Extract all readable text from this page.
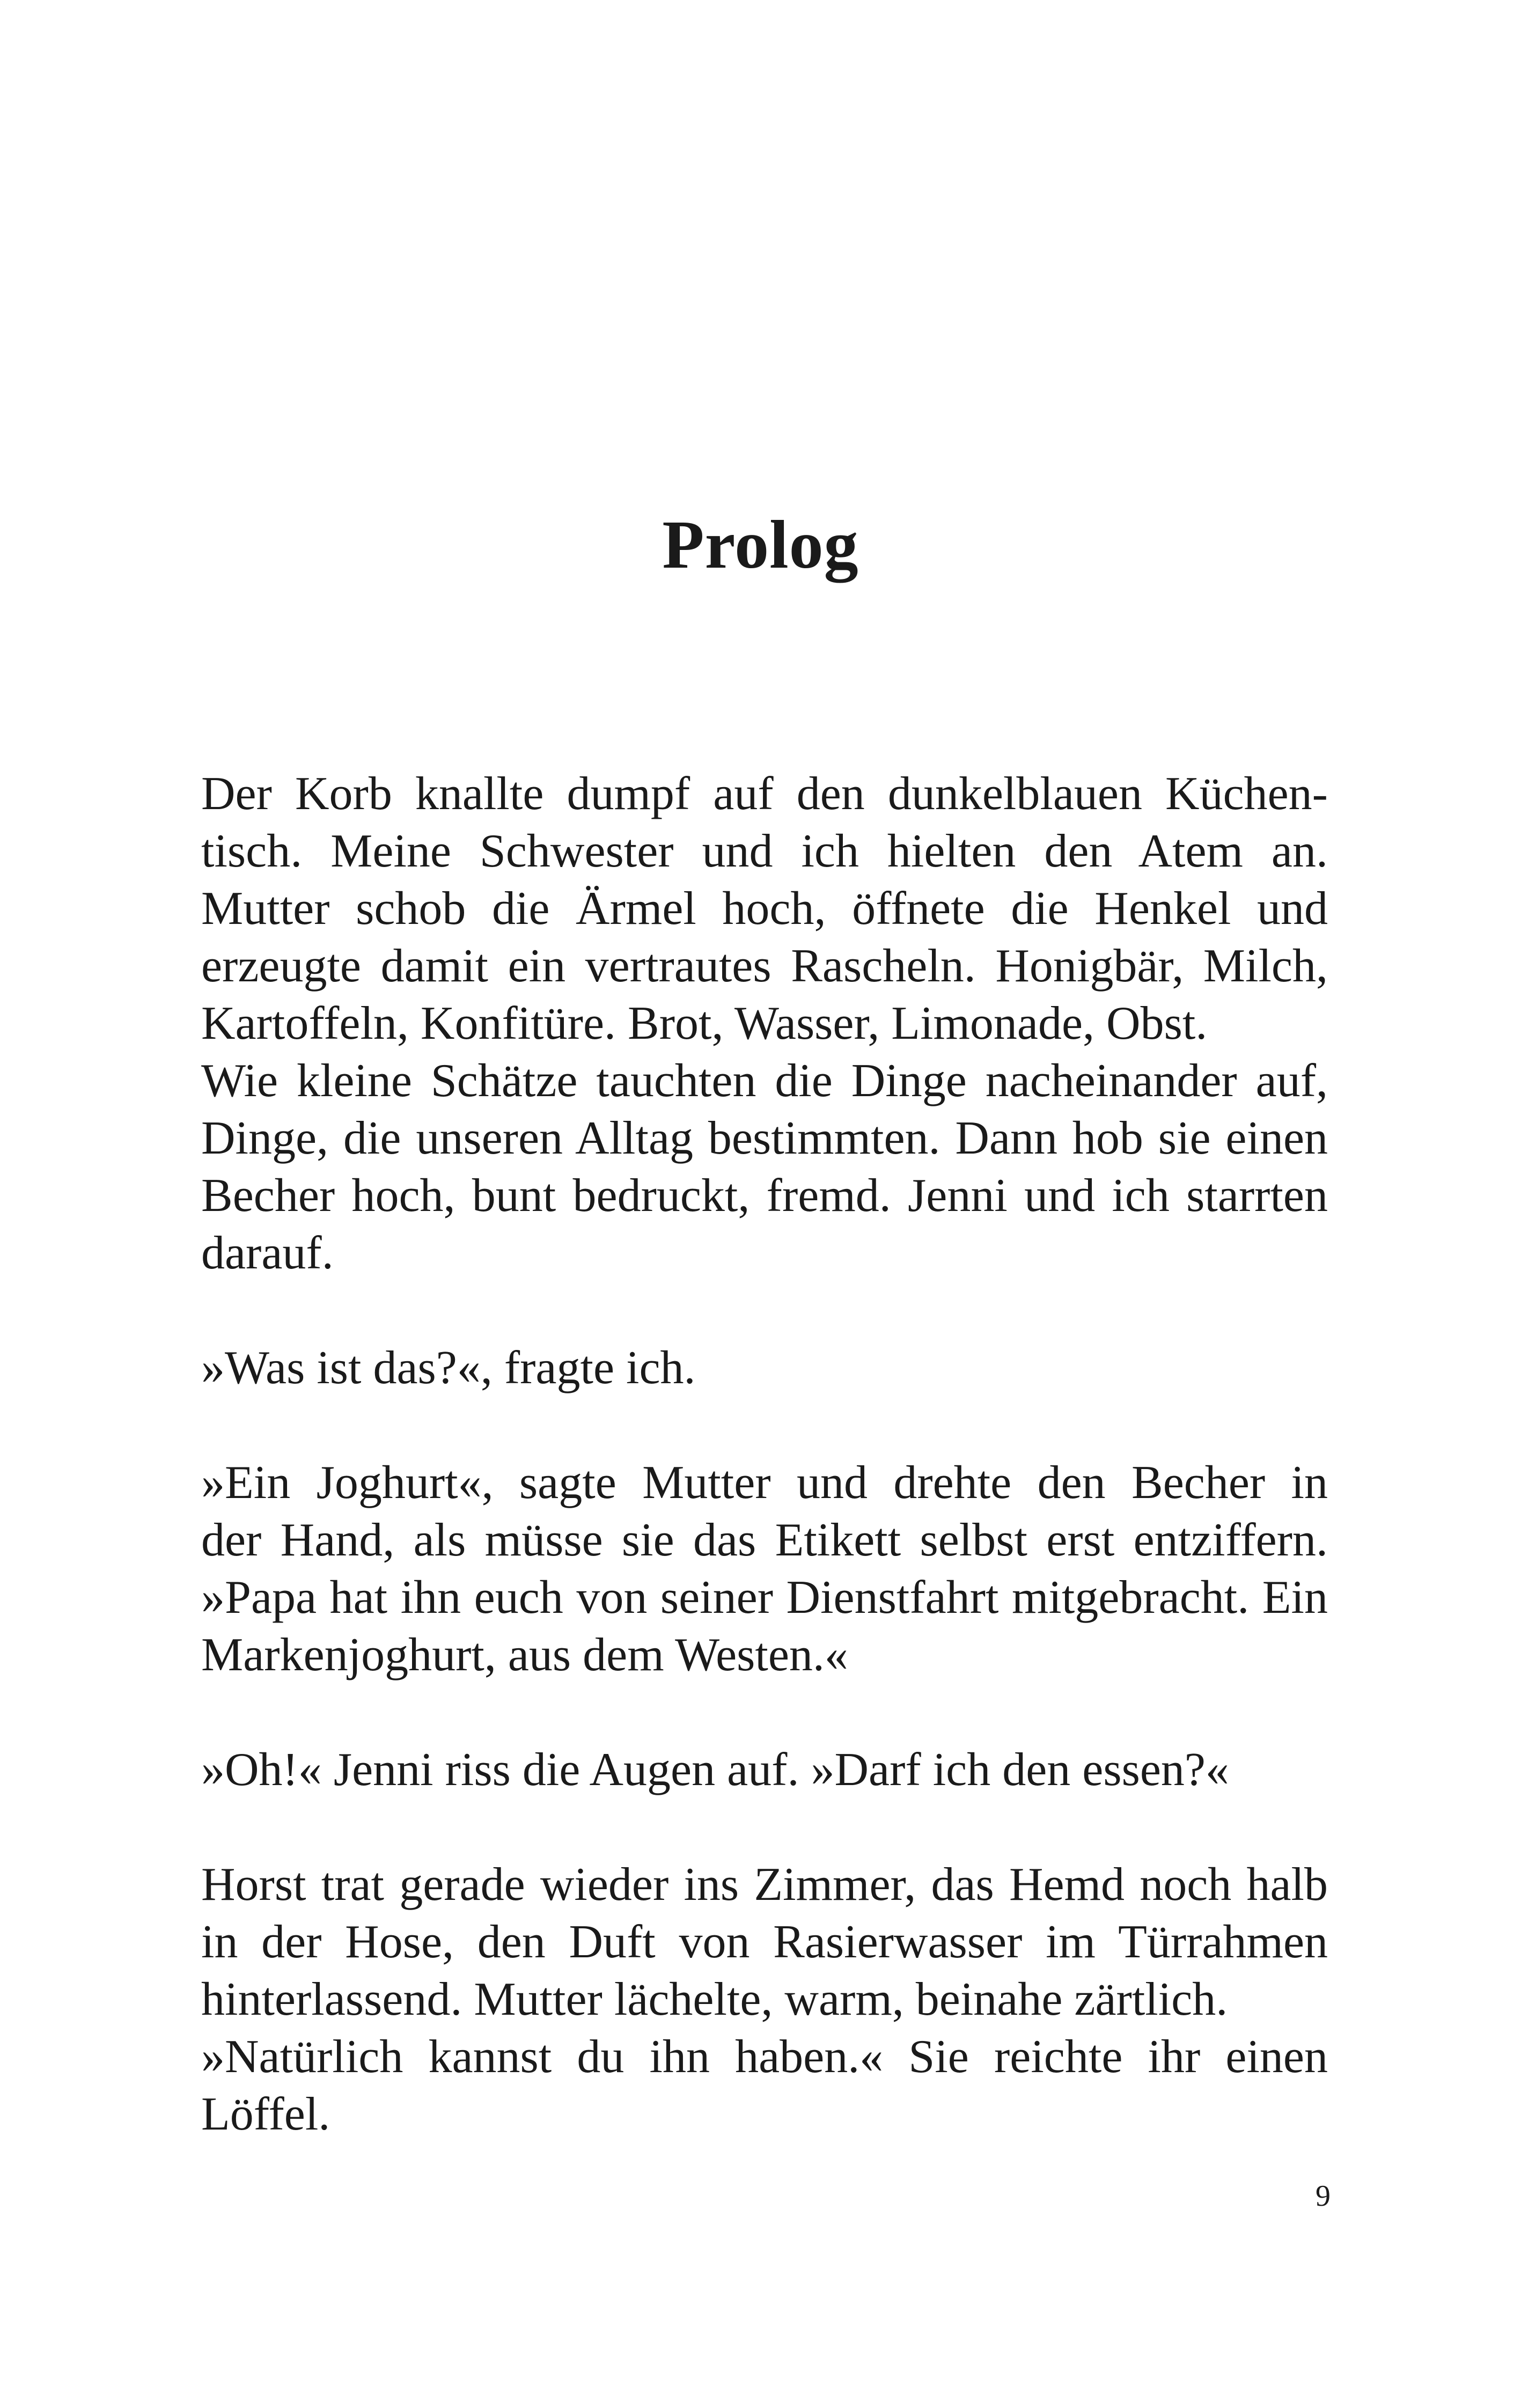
Prolog
Der Korb knallte dumpf auf den dunkelblauen Küchen-
tisch. Meine Schwester und ich hielten den Atem an.
Mutter schob die Ärmel hoch, öffnete die Henkel und
erzeugte damit ein vertrautes Rascheln. Honigbär, Milch,
Kartoffeln, Konfitüre. Brot, Wasser, Limonade, Obst.
Wie kleine Schätze tauchten die Dinge nacheinander auf,
Dinge, die unseren Alltag bestimmten. Dann hob sie einen
Becher hoch, bunt bedruckt, fremd. Jenni und ich starrten
darauf.
»Was ist das?«, fragte ich.
»Ein Joghurt«, sagte Mutter und drehte den Becher in
der Hand, als müsse sie das Etikett selbst erst entziffern.
»Papa hat ihn euch von seiner Dienstfahrt mitgebracht. Ein
Markenjoghurt, aus dem Westen.«
»Oh!« Jenni riss die Augen auf. »Darf ich den essen?«
Horst trat gerade wieder ins Zimmer, das Hemd noch halb
in der Hose, den Duft von Rasierwasser im Türrahmen
hinterlassend. Mutter lächelte, warm, beinahe zärtlich.
»Natürlich kannst du ihn haben.« Sie reichte ihr einen
Löffel.
9
